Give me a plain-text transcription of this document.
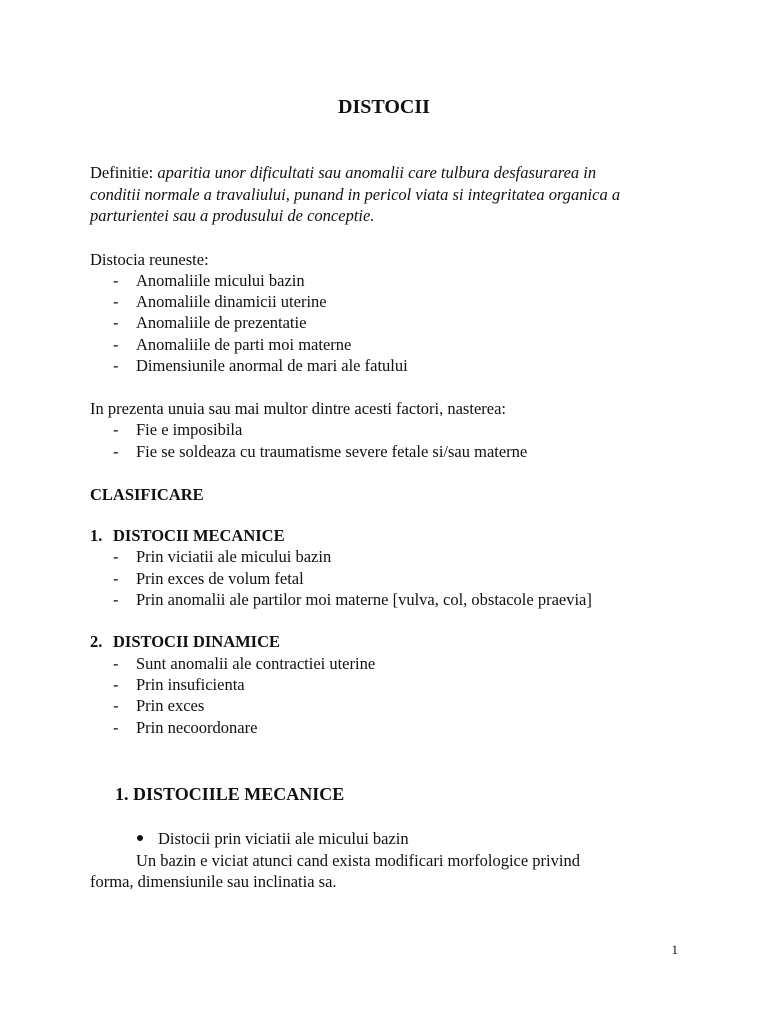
DISTOCII
Definitie: aparitia unor dificultati sau anomalii care tulbura desfasurarea in
conditii normale a travaliului, punand in pericol viata si integritatea organica a
parturientei sau a produsului de conceptie.
Distocia reuneste:
- Anomaliile micului bazin
- Anomaliile dinamicii uterine
- Anomaliile de prezentatie
- Anomaliile de parti moi materne
- Dimensiunile anormal de mari ale fatului
In prezenta unuia sau mai multor dintre acesti factori, nasterea:
- Fie e imposibila
- Fie se soldeaza cu traumatisme severe fetale si/sau materne
CLASIFICARE
1. DISTOCII MECANICE
- Prin viciatii ale micului bazin
- Prin exces de volum fetal
- Prin anomalii ale partilor moi materne [vulva, col, obstacole praevia]
2. DISTOCII DINAMICE
- Sunt anomalii ale contractiei uterine
- Prin insuficienta
- Prin exces
- Prin necoordonare
1. DISTOCIILE MECANICE
Distocii prin viciatii ale micului bazin
Un bazin e viciat atunci cand exista modificari morfologice privind
forma, dimensiunile sau inclinatia sa.
1
